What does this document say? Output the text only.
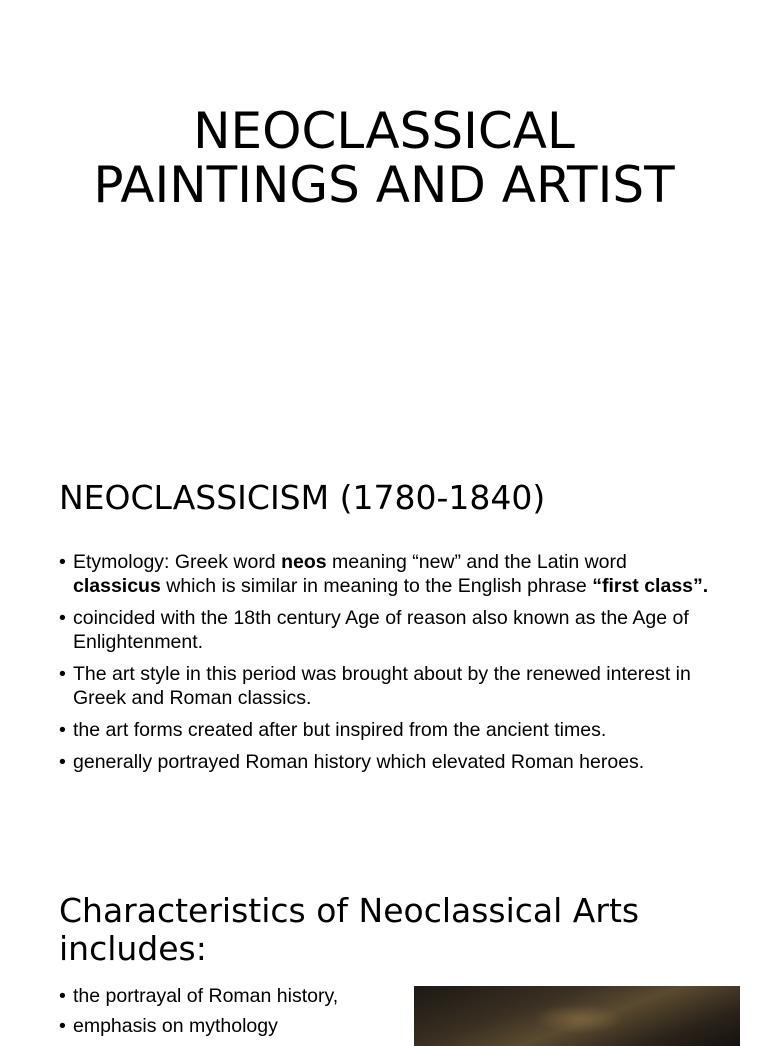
NEOCLASSICAL
PAINTINGS AND ARTIST
NEOCLASSICISM (1780-1840)
• Etymology: Greek word neos meaning “new” and the Latin word classicus which is similar in meaning to the English phrase “first class”.
• coincided with the 18th century Age of reason also known as the Age of Enlightenment.
• The art style in this period was brought about by the renewed interest in Greek and Roman classics.
• the art forms created after but inspired from the ancient times.
• generally portrayed Roman history which elevated Roman heroes.
Characteristics of Neoclassical Arts includes:
• the portrayal of Roman history,
• emphasis on mythology
